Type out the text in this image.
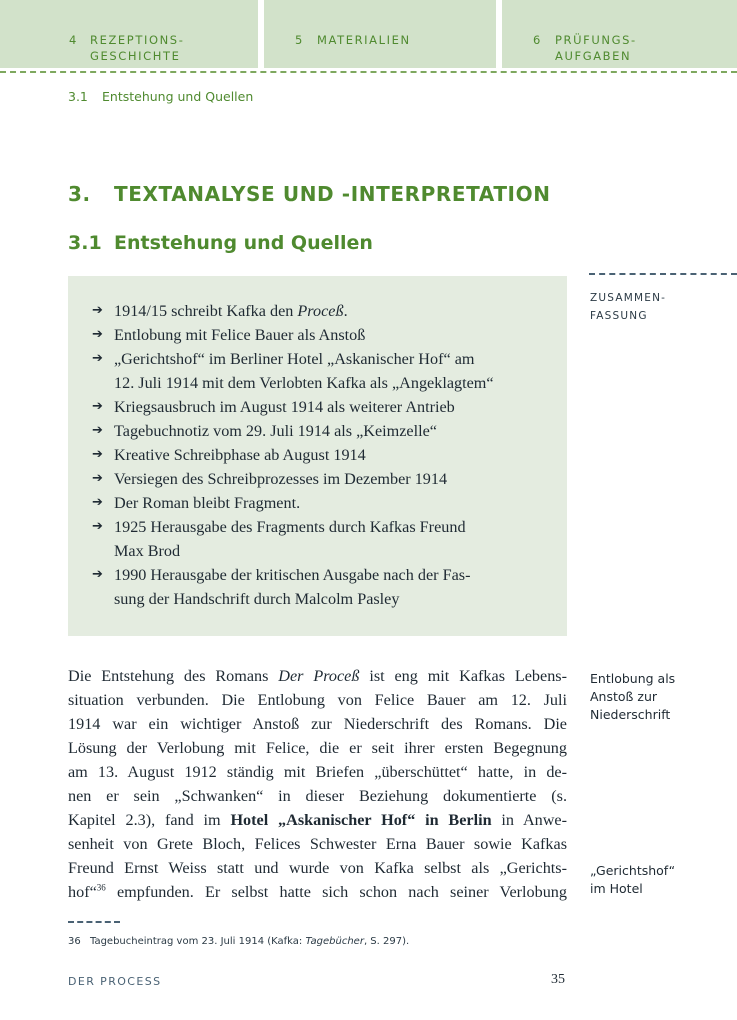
4 REZEPTIONS-
GESCHICHTE
5 MATERIALIEN	6 PRÜFUNGS-
AUFGABEN
3.1 Entstehung und Quellen
3. TEXTANALYSE UND -INTERPRETATION
3.1 Entstehung und Quellen
➔ 1914/15 schreibt Kafka den Proceß.
➔ Entlobung mit Felice Bauer als Anstoß
➔ „Gerichtshof“ im Berliner Hotel „Askanischer Hof“ am
12. Juli 1914 mit dem Verlobten Kafka als „Angeklagtem“
➔ Kriegsausbruch im August 1914 als weiterer Antrieb
➔ Tagebuchnotiz vom 29. Juli 1914 als „Keimzelle“
➔ Kreative Schreibphase ab August 1914
➔ Versiegen des Schreibprozesses im Dezember 1914
➔ Der Roman bleibt Fragment.
➔ 1925 Herausgabe des Fragments durch Kafkas Freund
Max Brod
➔ 1990 Herausgabe der kritischen Ausgabe nach der Fas-
sung der Handschrift durch Malcolm Pasley
ZUSAMMEN-
FASSUNG
Die Entstehung des Romans Der Proceß ist eng mit Kafkas Lebens-
situation verbunden. Die Entlobung von Felice Bauer am 12. Juli
1914 war ein wichtiger Anstoß zur Niederschrift des Romans. Die
Lösung der Verlobung mit Felice, die er seit ihrer ersten Begegnung
am 13. August 1912 ständig mit Briefen „überschüttet“ hatte, in de-
nen er sein „Schwanken“ in dieser Beziehung dokumentierte (s.
Kapitel 2.3), fand im Hotel „Askanischer Hof“ in Berlin in Anwe-
senheit von Grete Bloch, Felices Schwester Erna Bauer sowie Kafkas
Freund Ernst Weiss statt und wurde von Kafka selbst als „Gerichts-
hof“$^{36}$ empfunden. Er selbst hatte sich schon nach seiner Verlobung
Entlobung als
Anstoß zur
Niederschrift
„Gerichtshof“
im Hotel
36 Tagebucheintrag vom 23. Juli 1914 (Kafka: Tagebücher, S. 297).
DER PROCESS	35
